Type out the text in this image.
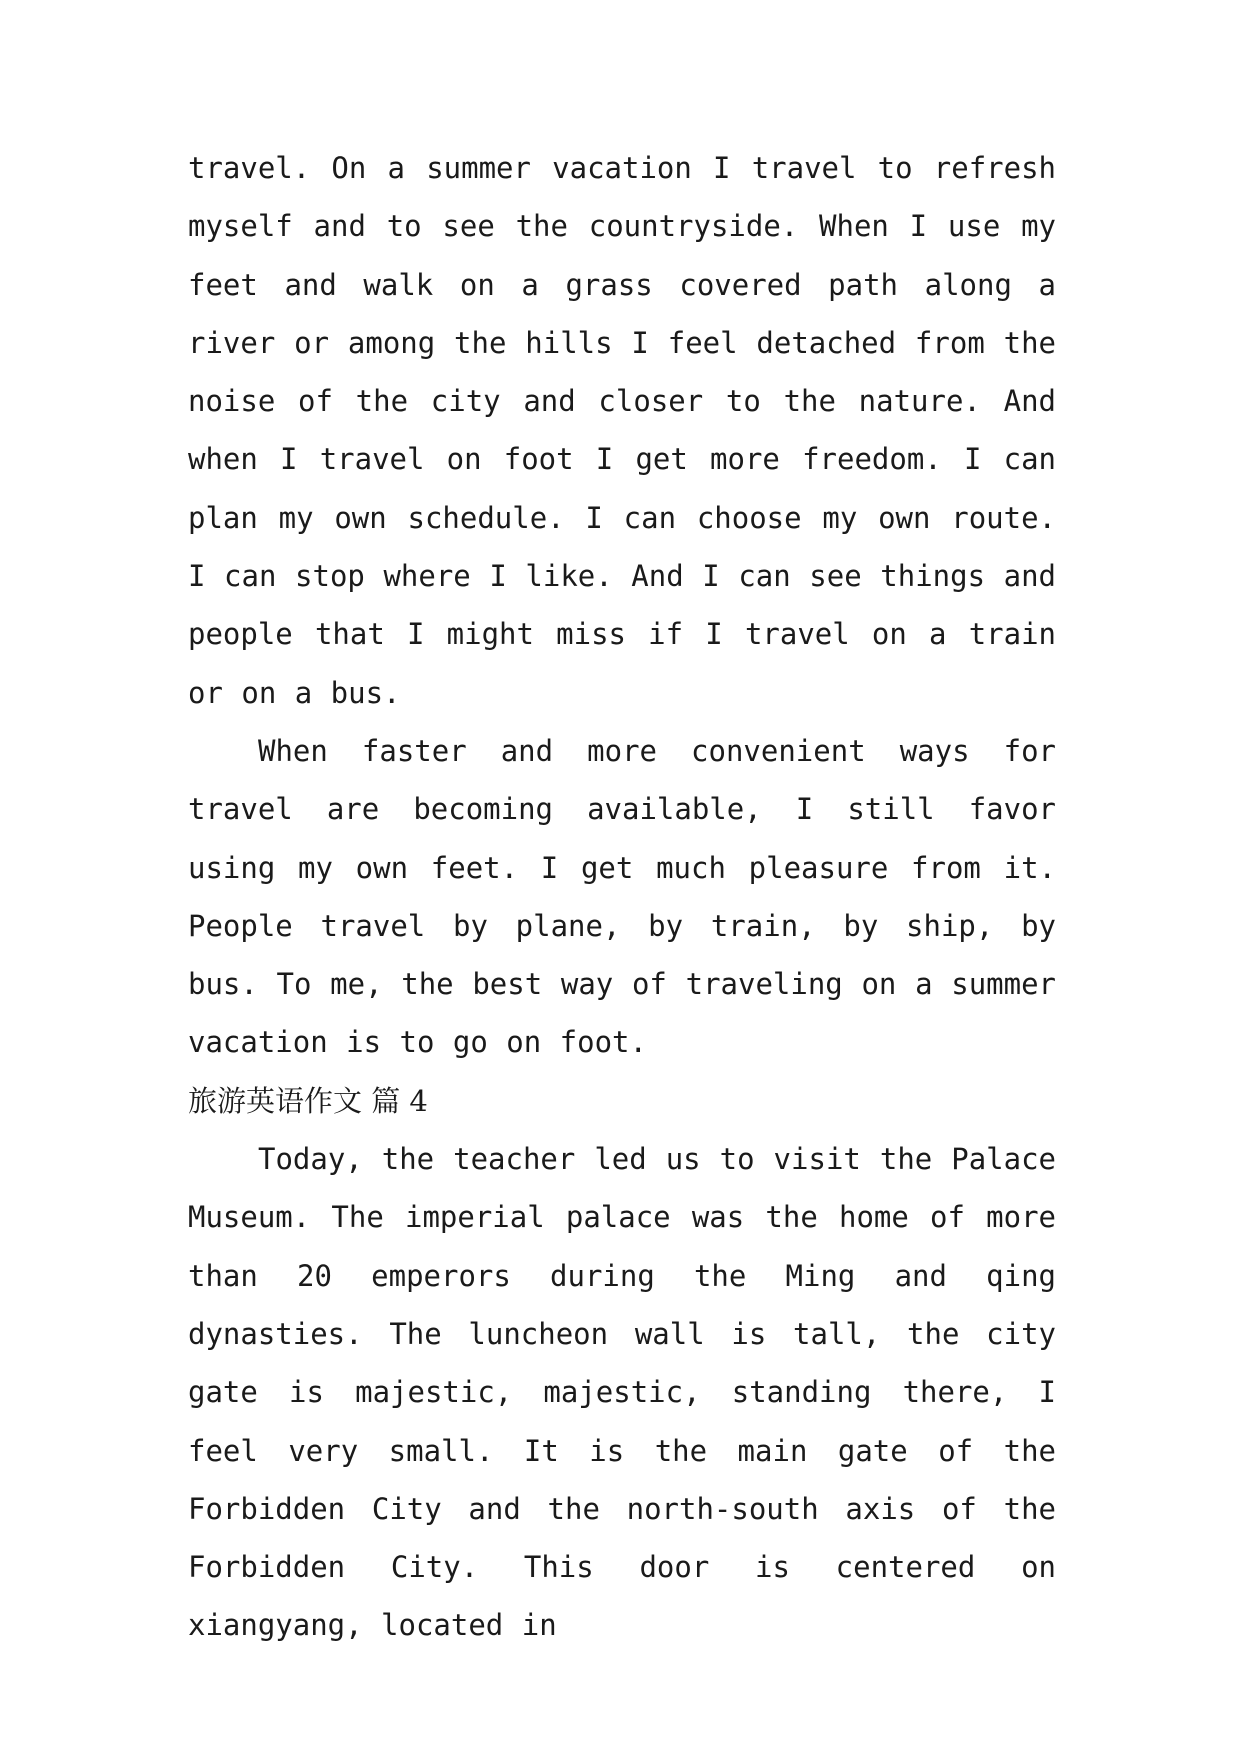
travel. On a summer vacation I travel to refresh myself and to see the countryside. When I use my feet and walk on a grass covered path along a river or among the hills I feel detached from the noise of the city and closer to the nature. And when I travel on foot I get more freedom. I can plan my own schedule. I can choose my own route. I can stop where I like. And I can see things and people that I might miss if I travel on a train or on a bus.

When faster and more convenient ways for travel are becoming available, I still favor using my own feet. I get much pleasure from it. People travel by plane, by train, by ship, by bus. To me, the best way of traveling on a summer vacation is to go on foot.

旅游英语作文 篇 4

Today, the teacher led us to visit the Palace Museum. The imperial palace was the home of more than 20 emperors during the Ming and qing dynasties. The luncheon wall is tall, the city gate is majestic, majestic, standing there, I feel very small. It is the main gate of the Forbidden City and the north-south axis of the Forbidden City. This door is centered on xiangyang, located in
